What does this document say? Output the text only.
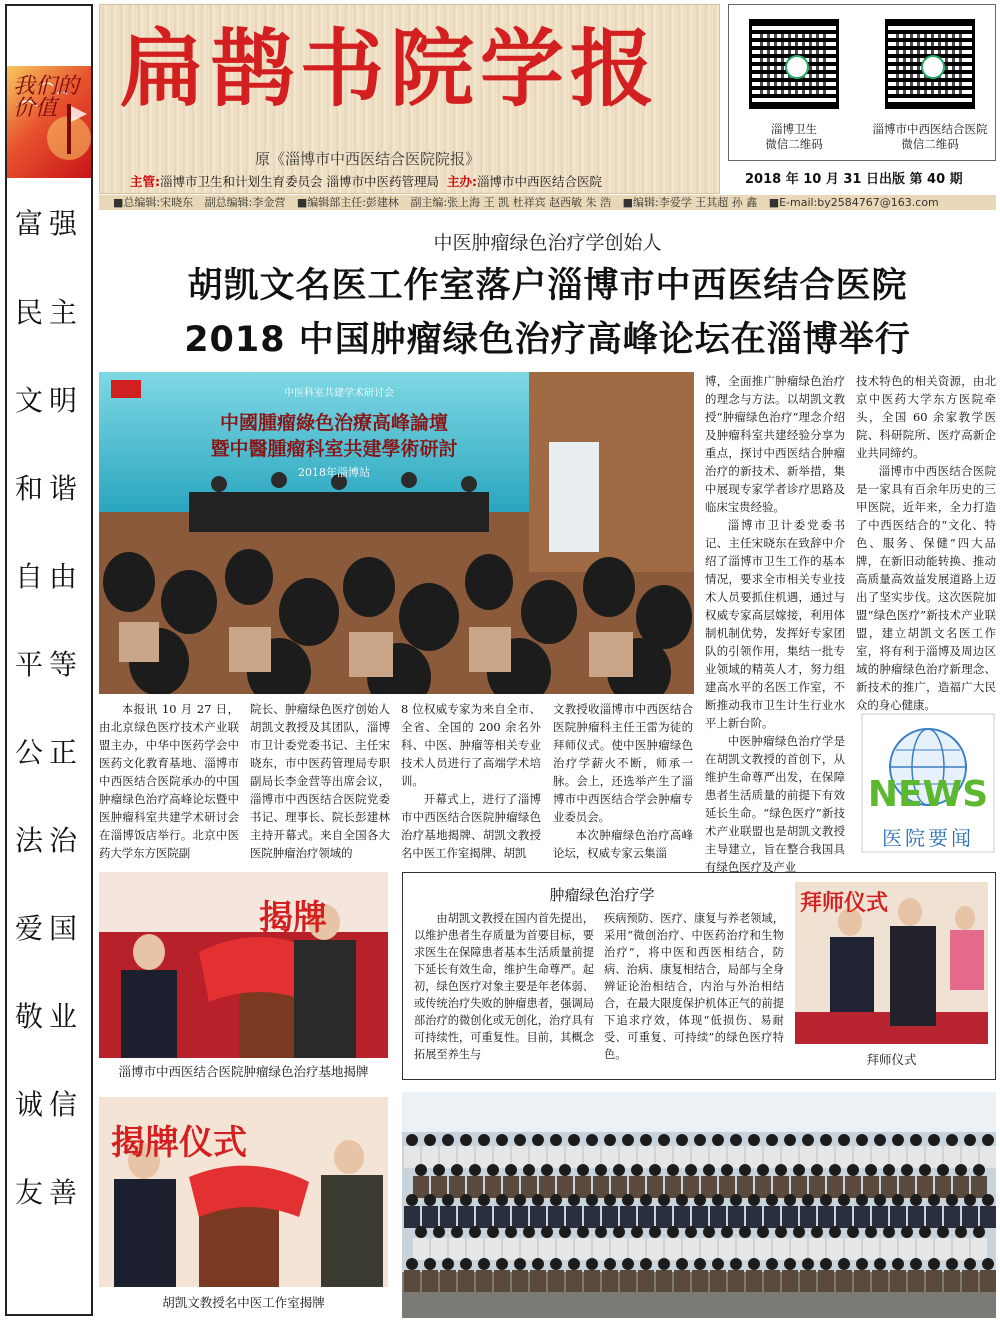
我们的价值
富强
民主
文明
和谐
自由
平等
公正
法治
爱国
敬业
诚信
友善
扁鹊书院学报
原《淄博市中西医结合医院院报》
主管:淄博市卫生和计划生育委员会 淄博市中医药管理局 主办:淄博市中西医结合医院
淄博卫生
微信二维码
淄博市中西医结合医院
微信二维码
2018 年 10 月 31 日出版 第 40 期
■总编辑:宋晓东 副总编辑:李金营 ■编辑部主任:彭建林 副主编:张上海 王 凯 杜祥宾 赵西敏 朱 浩 ■编辑:李爱学 王其超 孙 鑫 ■E-mail:by2584767@163.com
中医肿瘤绿色治疗学创始人
胡凯文名医工作室落户淄博市中西医结合医院
2018 中国肿瘤绿色治疗高峰论坛在淄博举行
中医科室共建学术研讨会
中國腫瘤綠色治療高峰論壇
暨中醫腫瘤科室共建學術研討
2018年淄博站

本报讯 10 月 27 日，由北京绿色医疗技术产业联盟主办，中华中医药学会中医药文化教育基地、淄博市中西医结合医院承办的中国肿瘤绿色治疗高峰论坛暨中医肿瘤科室共建学术研讨会在淄博饭店举行。北京中医药大学东方医院副

院长、肿瘤绿色医疗创始人胡凯文教授及其团队，淄博市卫计委党委书记、主任宋晓东，市中医药管理局专职副局长李金营等出席会议，淄博市中西医结合医院党委书记、理事长、院长彭建林主持开幕式。来自全国各大医院肿瘤治疗领域的

8 位权威专家为来自全市、全省、全国的 200 余名外科、中医、肿瘤等相关专业技术人员进行了高端学术培训。

开幕式上，进行了淄博市中西医结合医院肿瘤绿色治疗基地揭牌、胡凯文教授名中医工作室揭牌、胡凯

文教授收淄博市中西医结合医院肿瘤科主任王雷为徒的拜师仪式。使中医肿瘤绿色治疗学薪火不断，师承一脉。会上，还选举产生了淄博市中西医结合学会肿瘤专业委员会。

本次肿瘤绿色治疗高峰论坛，权威专家云集淄

博，全面推广肿瘤绿色治疗的理念与方法。以胡凯文教授“肿瘤绿色治疗”理念介绍及肿瘤科室共建经验分享为重点，探讨中西医结合肿瘤治疗的新技术、新举措，集中展现专家学者诊疗思路及临床宝贵经验。

淄博市卫计委党委书记、主任宋晓东在致辞中介绍了淄博市卫生工作的基本情况，要求全市相关专业技术人员要抓住机遇，通过与权威专家高层嫁接，利用体制机制优势，发挥好专家团队的引领作用，集结一批专业领域的精英人才，努力组建高水平的名医工作室，不断推动我市卫生计生行业水平上新台阶。

中医肿瘤绿色治疗学是在胡凯文教授的首创下，从维护生命尊严出发，在保障患者生活质量的前提下有效延长生命。“绿色医疗”新技术产业联盟也是胡凯文教授主导建立，旨在整合我国具有绿色医疗及产业

技术特色的相关资源，由北京中医药大学东方医院牵头，全国 60 余家教学医院、科研院所、医疗高新企业共同缔约。

淄博市中西医结合医院是一家具有百余年历史的三甲医院，近年来，全力打造了中西医结合的“文化、特色、服务、保健”四大品牌，在新旧动能转换、推动高质量高效益发展道路上迈出了坚实步伐。这次医院加盟“绿色医疗”新技术产业联盟，建立胡凯文名医工作室，将有利于淄博及周边区域的肿瘤绿色治疗新理念、新技术的推广，造福广大民众的身心健康。

NEWS
医院要闻
揭牌
淄博市中西医结合医院肿瘤绿色治疗基地揭牌
肿瘤绿色治疗学

由胡凯文教授在国内首先提出，以维护患者生存质量为首要目标，要求医生在保障患者基本生活质量前提下延长有效生命，维护生命尊严。起初，绿色医疗对象主要是年老体弱、或传统治疗失败的肿瘤患者，强调局部治疗的微创化或无创化，治疗具有可持续性，可重复性。目前，其概念拓展至养生与

疾病预防、医疗、康复与养老领域，采用“微创治疗、中医药治疗和生物治疗”，将中医和西医相结合，防病、治病、康复相结合，局部与全身辨证论治相结合，内治与外治相结合，在最大限度保护机体正气的前提下追求疗效，体现“低损伤、易耐受、可重复、可持续”的绿色医疗特色。

拜师仪式
拜师仪式
揭牌仪式
胡凯文教授名中医工作室揭牌
